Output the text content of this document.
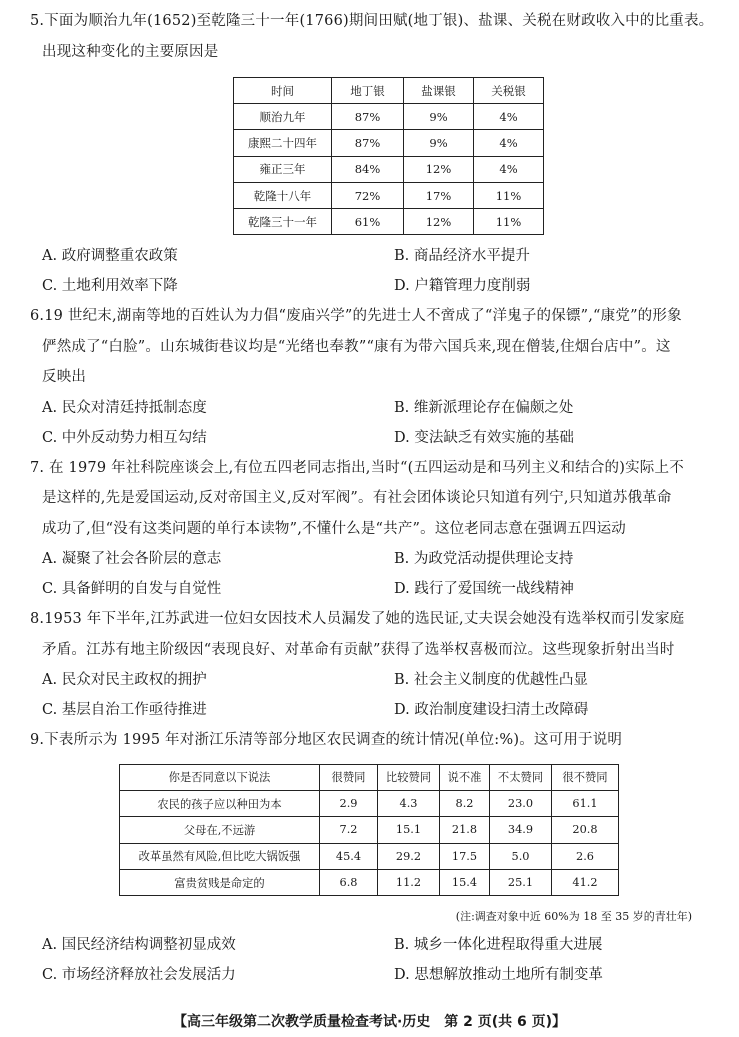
5.下面为顺治九年(1652)至乾隆三十一年(1766)期间田赋(地丁银)、盐课、关税在财政收入中的比重表。
出现这种变化的主要原因是
时间	地丁银	盐课银	关税银
顺治九年	87%	9%	4%
康熙二十四年	87%	9%	4%
雍正三年	84%	12%	4%
乾隆十八年	72%	17%	11%
乾隆三十一年	61%	12%	11%
A. 政府调整重农政策	B. 商品经济水平提升
C. 土地利用效率下降	D. 户籍管理力度削弱
6.19 世纪末,湖南等地的百姓认为力倡“废庙兴学”的先进士人不啻成了“洋鬼子的保镖”,“康党”的形象
俨然成了“白脸”。山东城街巷议均是“光绪也奉教”“康有为带六国兵来,现在僧装,住烟台店中”。这
反映出
A. 民众对清廷持抵制态度	B. 维新派理论存在偏颇之处
C. 中外反动势力相互勾结	D. 变法缺乏有效实施的基础
7. 在 1979 年社科院座谈会上,有位五四老同志指出,当时“(五四运动是和马列主义和结合的)实际上不
是这样的,先是爱国运动,反对帝国主义,反对军阀”。有社会团体谈论只知道有列宁,只知道苏俄革命
成功了,但“没有这类问题的单行本读物”,不懂什么是“共产”。这位老同志意在强调五四运动
A. 凝聚了社会各阶层的意志	B. 为政党活动提供理论支持
C. 具备鲜明的自发与自觉性	D. 践行了爱国统一战线精神
8.1953 年下半年,江苏武进一位妇女因技术人员漏发了她的选民证,丈夫误会她没有选举权而引发家庭
矛盾。江苏有地主阶级因“表现良好、对革命有贡献”获得了选举权喜极而泣。这些现象折射出当时
A. 民众对民主政权的拥护	B. 社会主义制度的优越性凸显
C. 基层自治工作亟待推进	D. 政治制度建设扫清土改障碍
9.下表所示为 1995 年对浙江乐清等部分地区农民调查的统计情况(单位:%)。这可用于说明
你是否同意以下说法	很赞同	比较赞同	说不准	不太赞同	很不赞同
农民的孩子应以种田为本	2.9	4.3	8.2	23.0	61.1
父母在,不远游	7.2	15.1	21.8	34.9	20.8
改革虽然有风险,但比吃大锅饭强	45.4	29.2	17.5	5.0	2.6
富贵贫贱是命定的	6.8	11.2	15.4	25.1	41.2
(注:调查对象中近 60%为 18 至 35 岁的青壮年)
A. 国民经济结构调整初显成效	B. 城乡一体化进程取得重大进展
C. 市场经济释放社会发展活力	D. 思想解放推动土地所有制变革
【高三年级第二次教学质量检查考试·历史　第 2 页(共 6 页)】
